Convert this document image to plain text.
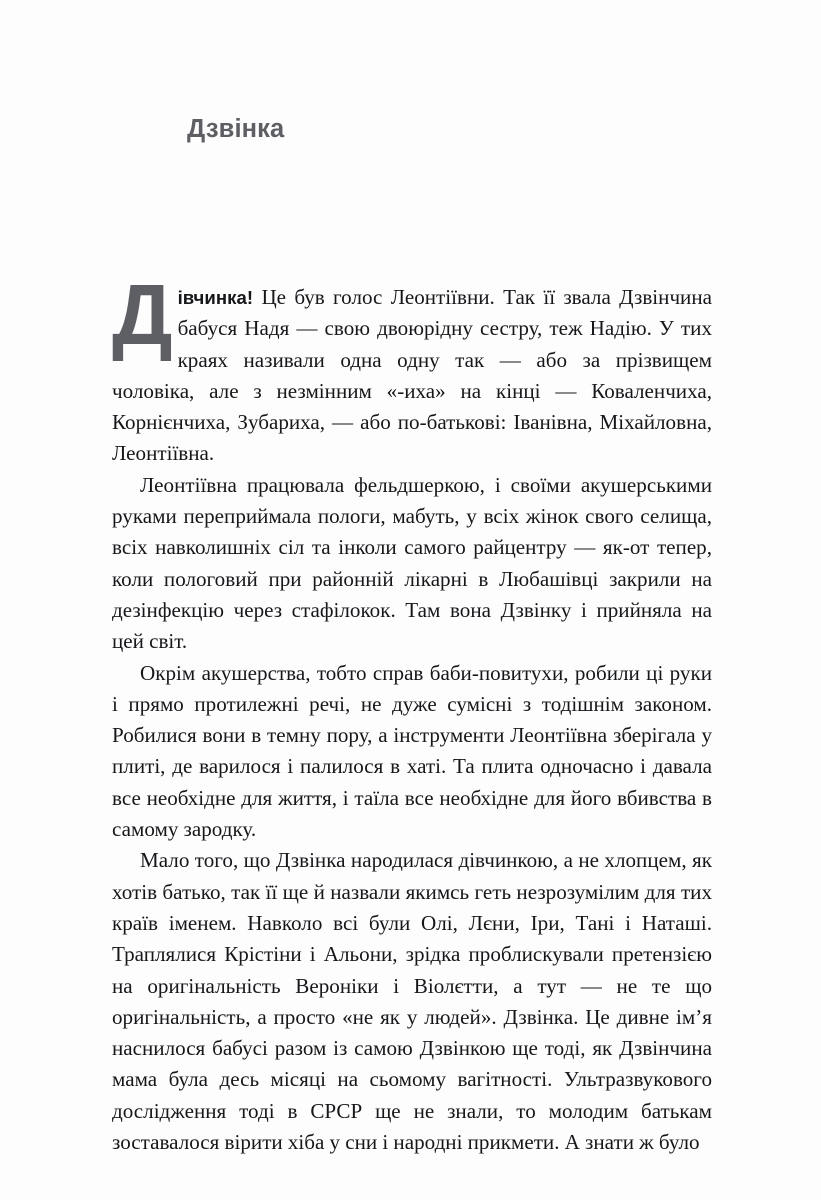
Дзвінка

Дівчинка! Це був голос Леонтіївни. Так її звала Дзвінчина бабуся Надя — свою двоюрідну сестру, теж Надію. У тих краях називали одна одну так — або за прізвищем чоловіка, але з незмінним «-иха» на кінці — Коваленчиха, Корнієнчиха, Зубариха, — або по-батькові: Іванівна, Міхайловна, Леонтіївна.

Леонтіївна працювала фельдшеркою, і своїми акушерськими руками переприймала пологи, мабуть, у всіх жінок свого селища, всіх навколишніх сіл та інколи самого райцентру — як-от тепер, коли пологовий при районній лікарні в Любашівці закрили на дезінфекцію через стафілокок. Там вона Дзвінку і прийняла на цей світ.

Окрім акушерства, тобто справ баби-повитухи, робили ці руки і прямо протилежні речі, не дуже сумісні з тодішнім законом. Робилися вони в темну пору, а інструменти Леонтіївна зберігала у плиті, де варилося і палилося в хаті. Та плита одночасно і давала все необхідне для життя, і таїла все необхідне для його вбивства в самому зародку.

Мало того, що Дзвінка народилася дівчинкою, а не хлопцем, як хотів батько, так її ще й назвали якимсь геть незрозумілим для тих країв іменем. Навколо всі були Олі, Лєни, Іри, Тані і Наташі. Траплялися Крістіни і Альони, зрідка проблискували претензією на оригінальність Вероніки і Віолєтти, а тут — не те що оригінальність, а просто «не як у людей». Дзвінка. Це дивне ім’я наснилося бабусі разом із самою Дзвінкою ще тоді, як Дзвінчина мама була десь місяці на сьомому вагітності. Ультразвукового дослідження тоді в СРСР ще не знали, то молодим батькам зоставалося вірити хіба у сни і народні прикмети. А знати ж було
